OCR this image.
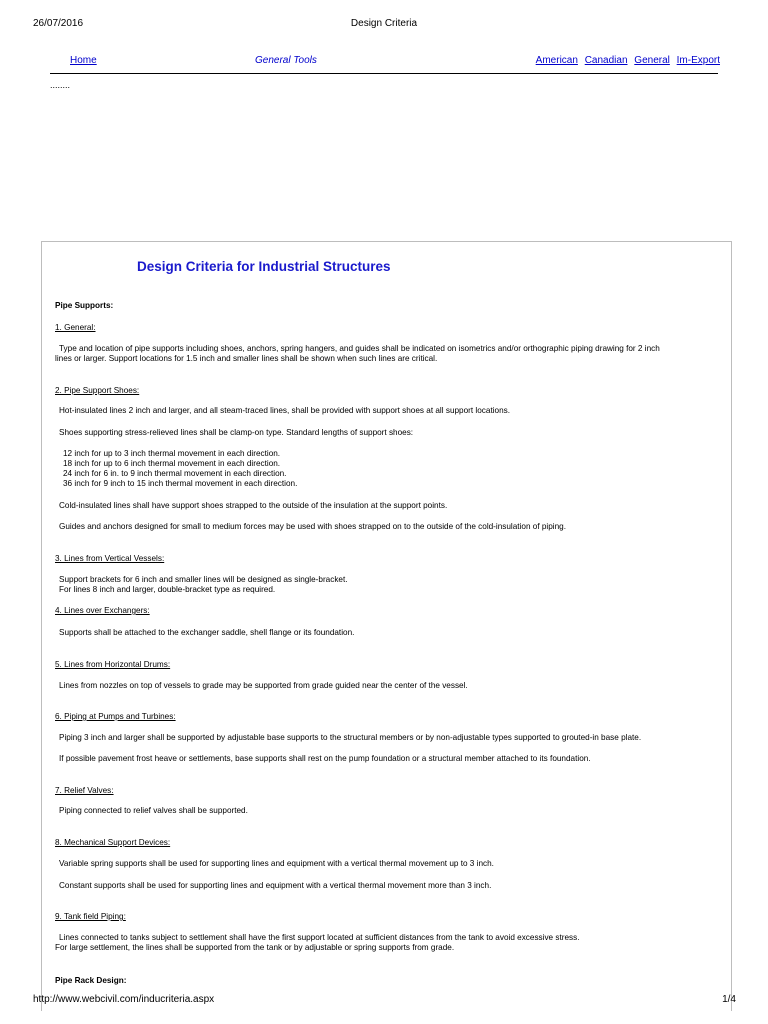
26/07/2016	Design Criteria
Home	General Tools	American Canadian General Im-Export
........................................................................................................................................................................................................................................................
........
Design Criteria for Industrial Structures
Pipe Supports:
1. General:
Type and location of pipe supports including shoes, anchors, spring hangers, and guides shall be indicated on isometrics and/or orthographic piping drawing for 2 inch
lines or larger. Support locations for 1.5 inch and smaller lines shall be shown when such lines are critical.
2. Pipe Support Shoes:
Hot-insulated lines 2 inch and larger, and all steam-traced lines, shall be provided with support shoes at all support locations.
Shoes supporting stress-relieved lines shall be clamp-on type. Standard lengths of support shoes:
12 inch for up to 3 inch thermal movement in each direction.
18 inch for up to 6 inch thermal movement in each direction.
24 inch for 6 in. to 9 inch thermal movement in each direction.
36 inch for 9 inch to 15 inch thermal movement in each direction.
Cold-insulated lines shall have support shoes strapped to the outside of the insulation at the support points.
Guides and anchors designed for small to medium forces may be used with shoes strapped on to the outside of the cold-insulation of piping.
3. Lines from Vertical Vessels:
Support brackets for 6 inch and smaller lines will be designed as single-bracket.
For lines 8 inch and larger, double-bracket type as required.
4. Lines over Exchangers:
Supports shall be attached to the exchanger saddle, shell flange or its foundation.
5. Lines from Horizontal Drums:
Lines from nozzles on top of vessels to grade may be supported from grade guided near the center of the vessel.
6. Piping at Pumps and Turbines:
Piping 3 inch and larger shall be supported by adjustable base supports to the structural members or by non-adjustable types supported to grouted-in base plate.
If possible pavement frost heave or settlements, base supports shall rest on the pump foundation or a structural member attached to its foundation.
7. Relief Valves:
Piping connected to relief valves shall be supported.
8. Mechanical Support Devices:
Variable spring supports shall be used for supporting lines and equipment with a vertical thermal movement up to 3 inch.
Constant supports shall be used for supporting lines and equipment with a vertical thermal movement more than 3 inch.
9. Tank field Piping:
Lines connected to tanks subject to settlement shall have the first support located at sufficient distances from the tank to avoid excessive stress.
For large settlement, the lines shall be supported from the tank or by adjustable or spring supports from grade.
Pipe Rack Design:
http://www.webcivil.com/inducriteria.aspx	1/4
